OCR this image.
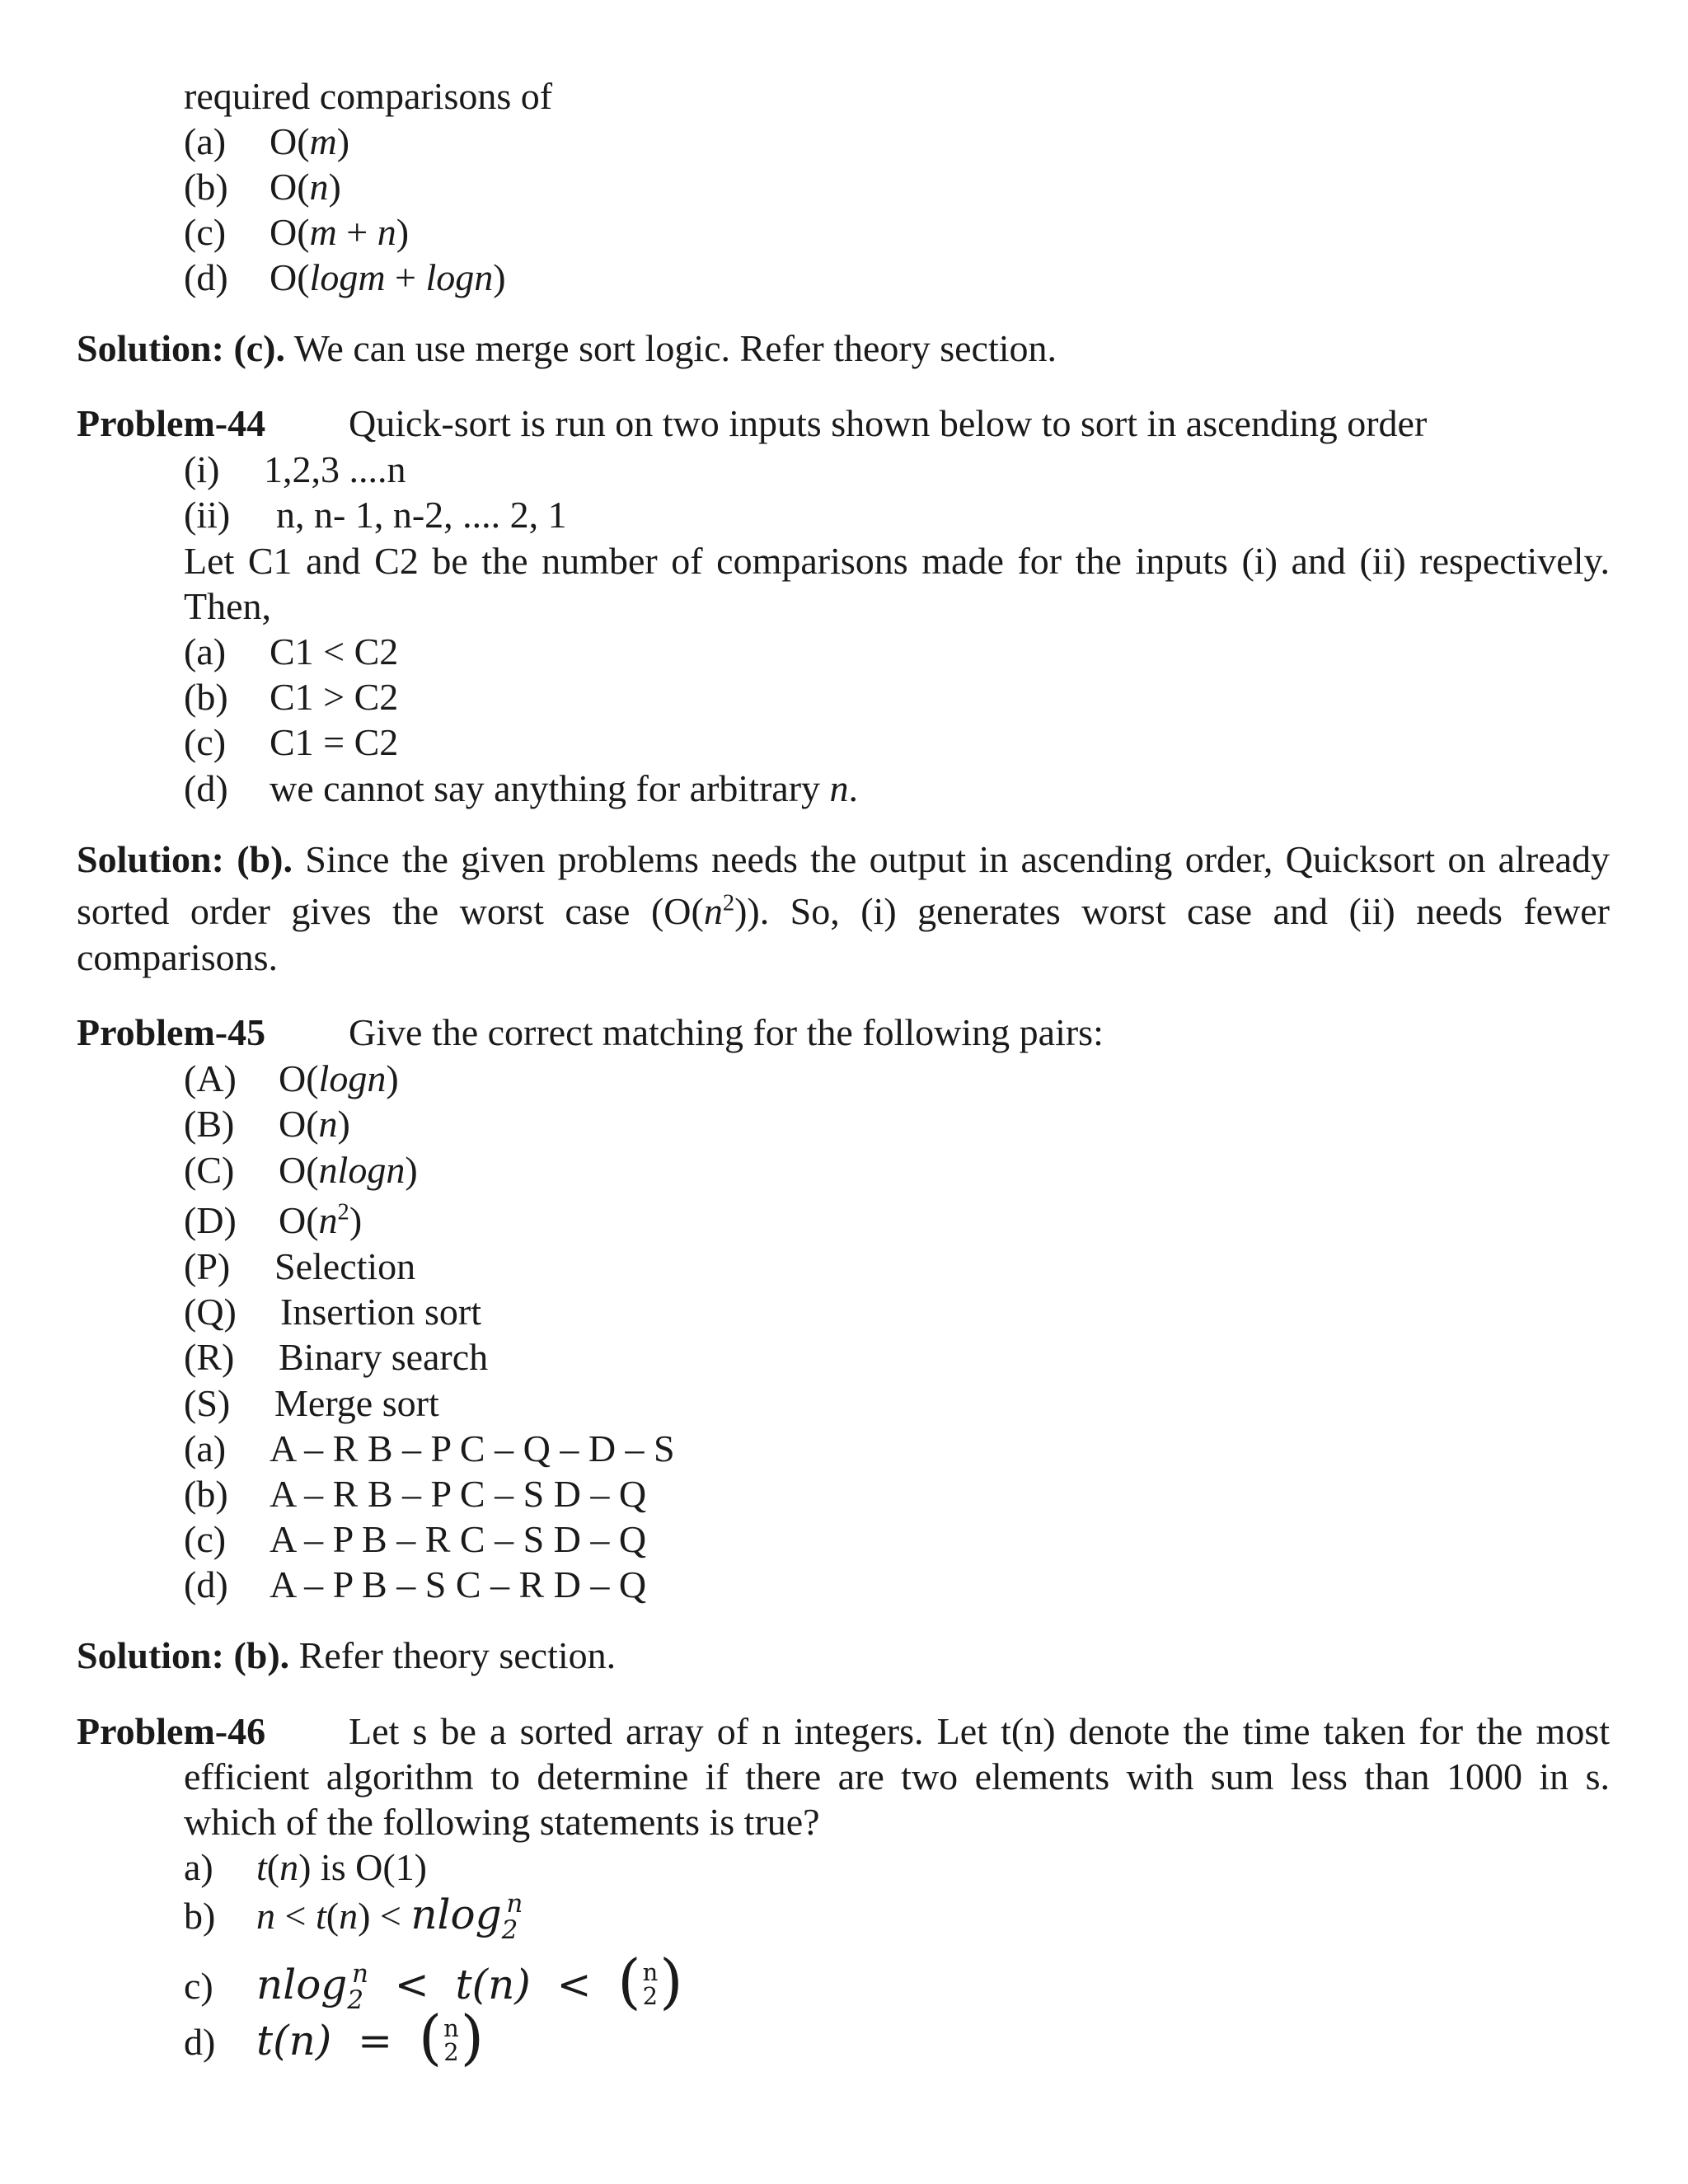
required comparisons of
(a) O(m)
(b) O(n)
(c) O(m + n)
(d) O(logm + logn)
Solution: (c). We can use merge sort logic. Refer theory section.
Problem-44 Quick-sort is run on two inputs shown below to sort in ascending order
(i) 1,2,3 ....n
(ii) n, n- 1, n-2, .... 2, 1
Let C1 and C2 be the number of comparisons made for the inputs (i) and (ii) respectively.
Then,
(a) C1 < C2
(b) C1 > C2
(c) C1 = C2
(d) we cannot say anything for arbitrary n.
Solution: (b). Since the given problems needs the output in ascending order, Quicksort on already
sorted order gives the worst case $(O(n^2))$. So, (i) generates worst case and (ii) needs fewer
comparisons.
Problem-45 Give the correct matching for the following pairs:
(A) O(logn)
(B) O(n)
(C) O(nlogn)
(D) $O(n^2)$
(P) Selection
(Q) Insertion sort
(R) Binary search
(S) Merge sort
(a) A – R B – P C – Q – D – S
(b) A – R B – P C – S D – Q
(c) A – P B – R C – S D – Q
(d) A – P B – S C – R D – Q
Solution: (b). Refer theory section.
Problem-46 Let s be a sorted array of n integers. Let t(n) denote the time taken for the most
efficient algorithm to determine if there are two elements with sum less than 1000 in s.
which of the following statements is true?
a) t(n) is O(1)
b) n < t(n) < nlog$_2^n$
c) nlog$_2^n$  <  t(n)  <  ( n
2 )
d) t(n)  = ( n
2 )
